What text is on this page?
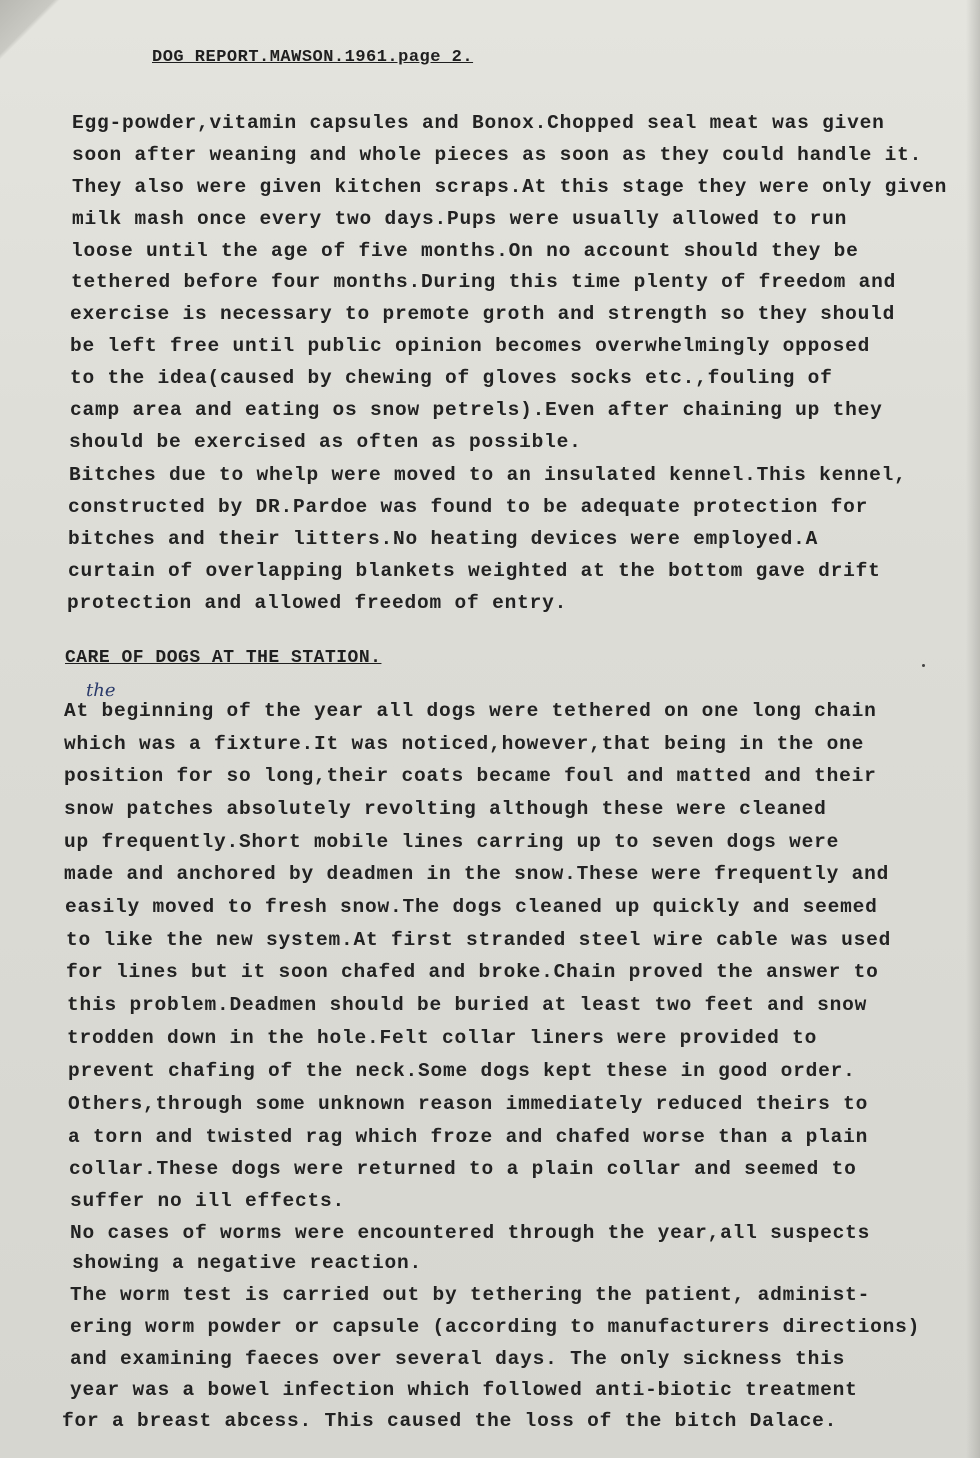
DOG REPORT.MAWSON.1961.page 2.
Egg-powder,vitamin capsules and Bonox.Chopped seal meat was given
soon after weaning and whole pieces as soon as they could handle it.
They also were given kitchen scraps.At this stage they were only given
milk mash once every two days.Pups were usually allowed to run
loose until the age of five months.On no account should they be
tethered before four months.During this time plenty of freedom and
exercise is necessary to premote groth and strength so they should
be left free until public opinion becomes overwhelmingly opposed
to the idea(caused by chewing of gloves socks etc.,fouling of
camp area and eating os snow petrels).Even after chaining up they
should be exercised as often as possible.
Bitches due to whelp were moved to an insulated kennel.This kennel,
constructed by DR.Pardoe was found to be adequate protection for
bitches and their litters.No heating devices were employed.A
curtain of overlapping blankets weighted at the bottom gave drift
protection and allowed freedom of entry.
CARE OF DOGS AT THE STATION.
the
At beginning of the year all dogs were tethered on one long chain
which was a fixture.It was noticed,however,that being in the one
position for so long,their coats became foul and matted and their
snow patches absolutely revolting although these were cleaned
up frequently.Short mobile lines carring up to seven dogs were
made and anchored by deadmen in the snow.These were frequently and
easily moved to fresh snow.The dogs cleaned up quickly and seemed
to like the new system.At first stranded steel wire cable was used
for lines but it soon chafed and broke.Chain proved the answer to
this problem.Deadmen should be buried at least two feet and snow
trodden down in the hole.Felt collar liners were provided to
prevent chafing of the neck.Some dogs kept these in good order.
Others,through some unknown reason immediately reduced theirs to
a torn and twisted rag which froze and chafed worse than a plain
collar.These dogs were returned to a plain collar and seemed to
suffer no ill effects.
No cases of worms were encountered through the year,all suspects
showing a negative reaction.
The worm test is carried out by tethering the patient, administ-
ering worm powder or capsule (according to manufacturers directions)
and examining faeces over several days. The only sickness this
year was a bowel infection which followed anti-biotic treatment
for a breast abcess. This caused the loss of the bitch Dalace.
